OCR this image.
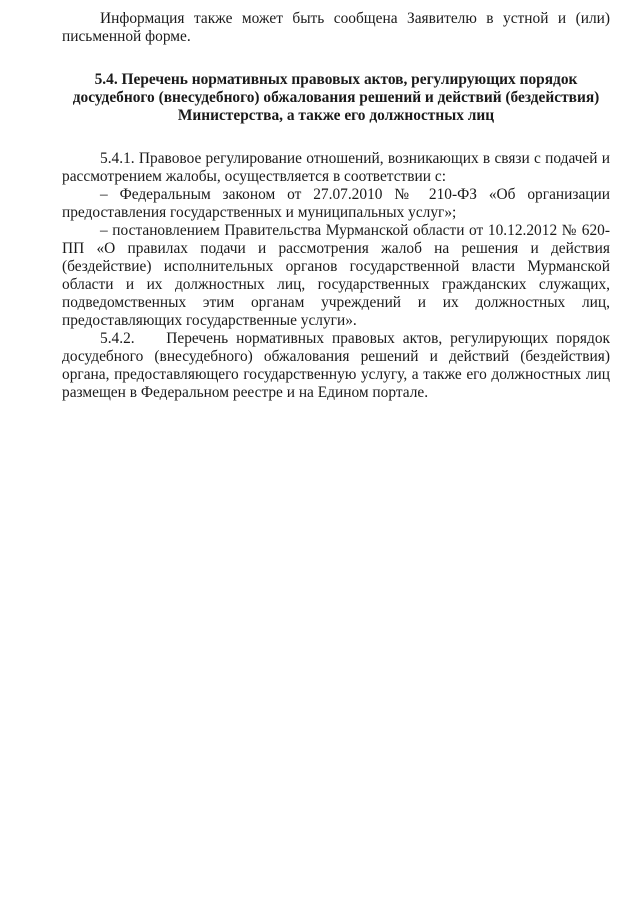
Информация также может быть сообщена Заявителю в устной и (или) письменной форме.

5.4. Перечень нормативных правовых актов, регулирующих порядок
досудебного (внесудебного) обжалования решений и действий (бездействия)
Министерства, а также его должностных лиц

5.4.1. Правовое регулирование отношений, возникающих в связи с подачей и рассмотрением жалобы, осуществляется в соответствии с:

– Федеральным законом от 27.07.2010 № 210-ФЗ «Об организации предоставления государственных и муниципальных услуг»;

– постановлением Правительства Мурманской области от 10.12.2012 № 620-ПП «О правилах подачи и рассмотрения жалоб на решения и действия (бездействие) исполнительных органов государственной власти Мурманской области и их должностных лиц, государственных гражданских служащих, подведомственных этим органам учреждений и их должностных лиц, предоставляющих государственные услуги».

5.4.2.    Перечень нормативных правовых актов, регулирующих порядок досудебного (внесудебного) обжалования решений и действий (бездействия) органа, предоставляющего государственную услугу, а также его должностных лиц размещен в Федеральном реестре и на Едином портале.
